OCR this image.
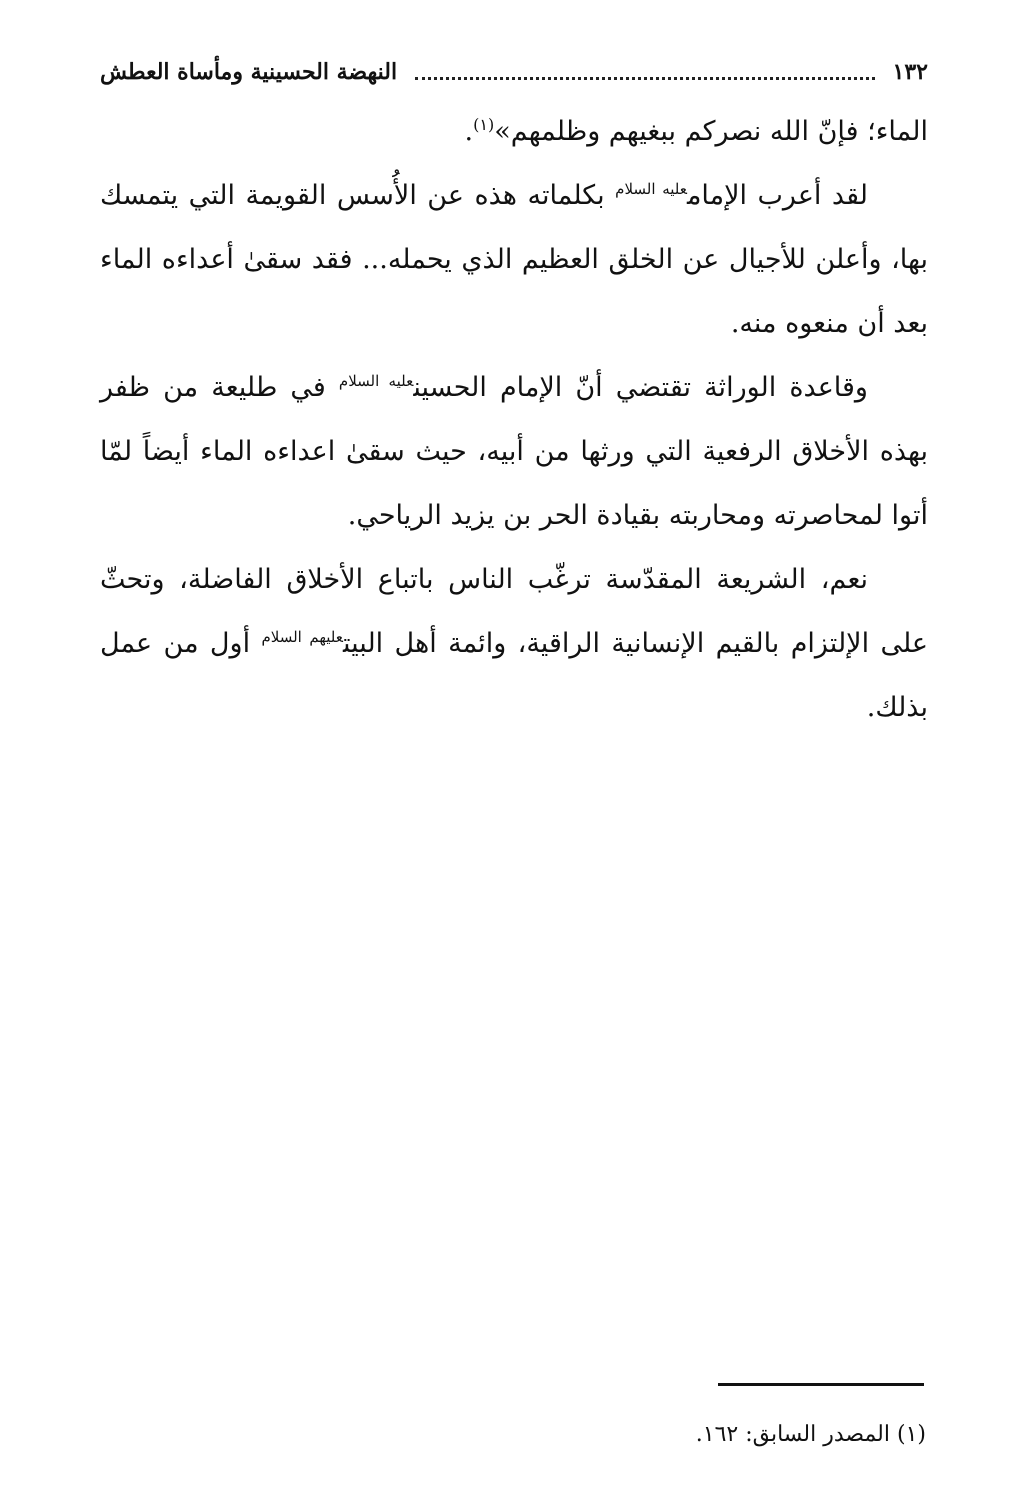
١٣٢
النهضة الحسينية ومأساة العطش

الماء؛ فإنّ الله نصركم ببغيهم وظلمهم»$^{(١)}$.

لقد أعرب الإمام$^{عليه السلام}$ بكلماته هذه عن الأُسس القويمة التي يتمسك بها، وأعلن للأجيال عن الخلق العظيم الذي يحمله... فقد سقىٰ أعداءه الماء بعد أن منعوه منه.

وقاعدة الوراثة تقتضي أنّ الإمام الحسين$^{عليه السلام}$ في طليعة من ظفر بهذه الأخلاق الرفعية التي ورثها من أبيه، حيث سقىٰ اعداءه الماء أيضاً لمّا أتوا لمحاصرته ومحاربته بقيادة الحر بن يزيد الرياحي.

نعم، الشريعة المقدّسة ترغّب الناس باتباع الأخلاق الفاضلة، وتحثّ على الإلتزام بالقيم الإنسانية الراقية، وائمة أهل البيت$^{عليهم السلام}$ أول من عمل بذلك.

(١) المصدر السابق: ١٦٢.
